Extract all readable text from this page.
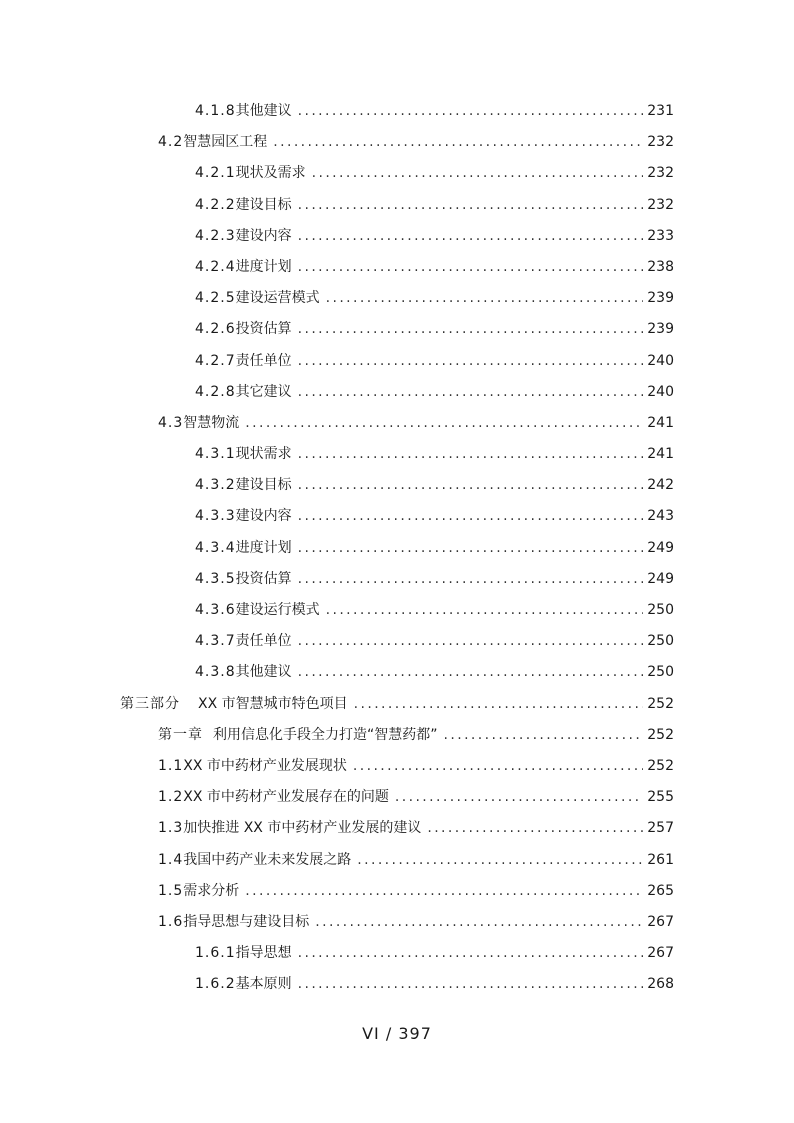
4.1.8 其他建议 .....	231
4.2 智慧园区工程 .....	232
4.2.1 现状及需求 .....	232
4.2.2 建设目标 .....	232
4.2.3 建设内容 .....	233
4.2.4 进度计划 .....	238
4.2.5 建设运营模式 .....	239
4.2.6 投资估算 .....	239
4.2.7 责任单位 .....	240
4.2.8 其它建议 .....	240
4.3 智慧物流 .....	241
4.3.1 现状需求 .....	241
4.3.2 建设目标 .....	242
4.3.3 建设内容 .....	243
4.3.4 进度计划 .....	249
4.3.5 投资估算 .....	249
4.3.6 建设运行模式 .....	250
4.3.7 责任单位 .....	250
4.3.8 其他建议 .....	250
第三部分 XX 市智慧城市特色项目 .....	252
第一章 利用信息化手段全力打造“智慧药都” .....	252
1.1 XX 市中药材产业发展现状 .....	252
1.2 XX 市中药材产业发展存在的问题 .....	255
1.3 加快推进 XX 市中药材产业发展的建议 .....	257
1.4 我国中药产业未来发展之路 .....	261
1.5 需求分析 .....	265
1.6 指导思想与建设目标 .....	267
1.6.1 指导思想 .....	267
1.6.2 基本原则 .....	268
VI / 397
